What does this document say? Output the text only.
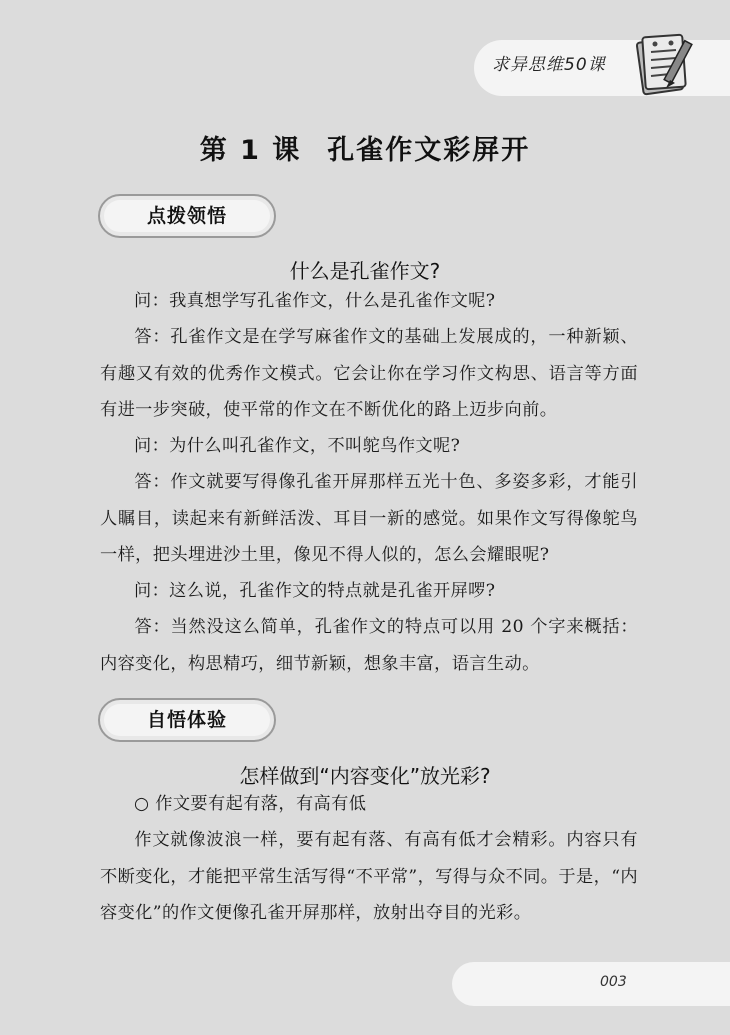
求异思维50课
第 1 课 孔雀作文彩屏开
点拨领悟
什么是孔雀作文?

问：我真想学写孔雀作文，什么是孔雀作文呢?

答：孔雀作文是在学写麻雀作文的基础上发展成的，一种新颖、有趣又有效的优秀作文模式。它会让你在学习作文构思、语言等方面有进一步突破，使平常的作文在不断优化的路上迈步向前。

问：为什么叫孔雀作文，不叫鸵鸟作文呢?

答：作文就要写得像孔雀开屏那样五光十色、多姿多彩，才能引人瞩目，读起来有新鲜活泼、耳目一新的感觉。如果作文写得像鸵鸟一样，把头埋进沙土里，像见不得人似的，怎么会耀眼呢?

问：这么说，孔雀作文的特点就是孔雀开屏啰?

答：当然没这么简单，孔雀作文的特点可以用 20 个字来概括：内容变化，构思精巧，细节新颖，想象丰富，语言生动。

自悟体验
怎样做到“内容变化”放光彩?

○ 作文要有起有落，有高有低

作文就像波浪一样，要有起有落、有高有低才会精彩。内容只有不断变化，才能把平常生活写得“不平常”，写得与众不同。于是，“内容变化”的作文便像孔雀开屏那样，放射出夺目的光彩。

003
